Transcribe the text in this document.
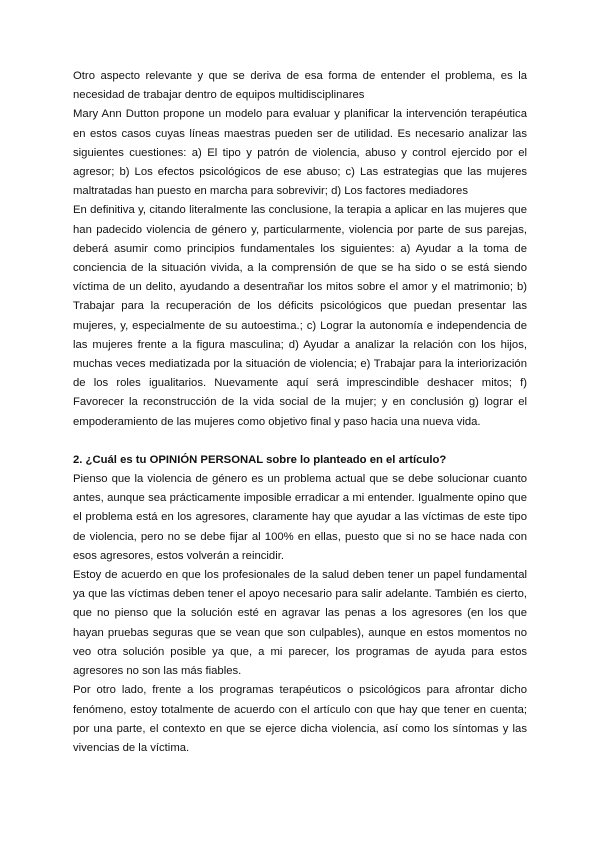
Otro aspecto relevante y que se deriva de esa forma de entender el problema, es la necesidad de trabajar dentro de equipos multidisciplinares

Mary Ann Dutton propone un modelo para evaluar y planificar la intervención terapéutica en estos casos cuyas líneas maestras pueden ser de utilidad. Es necesario analizar las siguientes cuestiones: a) El tipo y patrón de violencia, abuso y control ejercido por el agresor; b) Los efectos psicológicos de ese abuso; c) Las estrategias que las mujeres maltratadas han puesto en marcha para sobrevivir; d) Los factores mediadores

En definitiva y, citando literalmente las conclusione, la terapia a aplicar en las mujeres que han padecido violencia de género y, particularmente, violencia por parte de sus parejas, deberá asumir como principios fundamentales los siguientes: a) Ayudar a la toma de conciencia de la situación vivida, a la comprensión de que se ha sido o se está siendo víctima de un delito, ayudando a desentrañar los mitos sobre el amor y el matrimonio; b) Trabajar para la recuperación de los déficits psicológicos que puedan presentar las mujeres, y, especialmente de su autoestima.; c) Lograr la autonomía e independencia de las mujeres frente a la figura masculina; d) Ayudar a analizar la relación con los hijos, muchas veces mediatizada por la situación de violencia; e) Trabajar para la interiorización de los roles igualitarios. Nuevamente aquí será imprescindible deshacer mitos; f) Favorecer la reconstrucción de la vida social de la mujer; y en conclusión g) lograr el empoderamiento de las mujeres como objetivo final y paso hacia una nueva vida.

2. ¿Cuál es tu OPINIÓN PERSONAL sobre lo planteado en el artículo?

Pienso que la violencia de género es un problema actual que se debe solucionar cuanto antes, aunque sea prácticamente imposible erradicar a mi entender. Igualmente opino que el problema está en los agresores, claramente hay que ayudar a las víctimas de este tipo de violencia, pero no se debe fijar al 100% en ellas, puesto que si no se hace nada con esos agresores, estos volverán a reincidir.

Estoy de acuerdo en que los profesionales de la salud deben tener un papel fundamental ya que las víctimas deben tener el apoyo necesario para salir adelante. También es cierto, que no pienso que la solución esté en agravar las penas a los agresores (en los que hayan pruebas seguras que se vean que son culpables), aunque en estos momentos no veo otra solución posible ya que, a mi parecer, los programas de ayuda para estos agresores no son las más fiables.

Por otro lado, frente a los programas terapéuticos o psicológicos para afrontar dicho fenómeno, estoy totalmente de acuerdo con el artículo con que hay que tener en cuenta; por una parte, el contexto en que se ejerce dicha violencia, así como los síntomas y las vivencias de la víctima.
